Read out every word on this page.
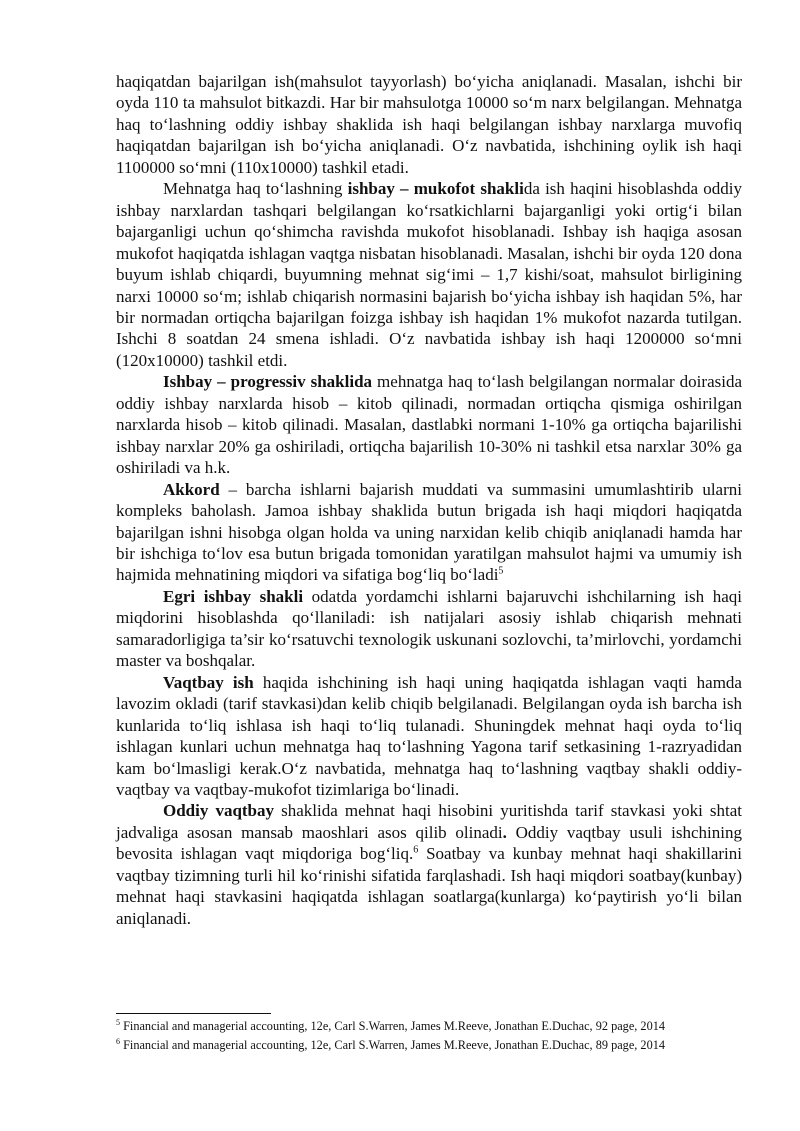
haqiqatdan bajarilgan ish(mahsulot tayyorlash) bo‘yicha aniqlanadi. Masalan, ishchi bir oyda 110 ta mahsulot bitkazdi. Har bir mahsulotga 10000 so‘m narx belgilangan. Mehnatga haq to‘lashning oddiy ishbay shaklida ish haqi belgilangan ishbay narxlarga muvofiq haqiqatdan bajarilgan ish bo‘yicha aniqlanadi. O‘z navbatida, ishchining oylik ish haqi 1100000 so‘mni (110x10000) tashkil etadi.

Mehnatga haq to‘lashning ishbay – mukofot shaklida ish haqini hisoblashda oddiy ishbay narxlardan tashqari belgilangan ko‘rsatkichlarni bajarganligi yoki ortig‘i bilan bajarganligi uchun qo‘shimcha ravishda mukofot hisoblanadi. Ishbay ish haqiga asosan mukofot haqiqatda ishlagan vaqtga nisbatan hisoblanadi. Masalan, ishchi bir oyda 120 dona buyum ishlab chiqardi, buyumning mehnat sig‘imi – 1,7 kishi/soat, mahsulot birligining narxi 10000 so‘m; ishlab chiqarish normasini bajarish bo‘yicha ishbay ish haqidan 5%, har bir normadan ortiqcha bajarilgan foizga ishbay ish haqidan 1% mukofot nazarda tutilgan. Ishchi 8 soatdan 24 smena ishladi. O‘z navbatida ishbay ish haqi 1200000 so‘mni (120x10000) tashkil etdi.

Ishbay – progressiv shaklida mehnatga haq to‘lash belgilangan normalar doirasida oddiy ishbay narxlarda hisob – kitob qilinadi, normadan ortiqcha qismiga oshirilgan narxlarda hisob – kitob qilinadi. Masalan, dastlabki normani 1-10% ga ortiqcha bajarilishi ishbay narxlar 20% ga oshiriladi, ortiqcha bajarilish 10-30% ni tashkil etsa narxlar 30% ga oshiriladi va h.k.

Akkord – barcha ishlarni bajarish muddati va summasini umumlashtirib ularni kompleks baholash. Jamoa ishbay shaklida butun brigada ish haqi miqdori haqiqatda bajarilgan ishni hisobga olgan holda va uning narxidan kelib chiqib aniqlanadi hamda har bir ishchiga to‘lov esa butun brigada tomonidan yaratilgan mahsulot hajmi va umumiy ish hajmida mehnatining miqdori va sifatiga bog‘liq bo‘ladi$^5$

Egri ishbay shakli odatda yordamchi ishlarni bajaruvchi ishchilarning ish haqi miqdorini hisoblashda qo‘llaniladi: ish natijalari asosiy ishlab chiqarish mehnati samaradorligiga ta’sir ko‘rsatuvchi texnologik uskunani sozlovchi, ta’mirlovchi, yordamchi master va boshqalar.

Vaqtbay ish haqida ishchining ish haqi uning haqiqatda ishlagan vaqti hamda lavozim okladi (tarif stavkasi)dan kelib chiqib belgilanadi. Belgilangan oyda ish barcha ish kunlarida to‘liq ishlasa ish haqi to‘liq tulanadi. Shuningdek mehnat haqi oyda to‘liq ishlagan kunlari uchun mehnatga haq to‘lashning Yagona tarif setkasining 1-razryadidan kam bo‘lmasligi kerak.O‘z navbatida, mehnatga haq to‘lashning vaqtbay shakli oddiy-vaqtbay va vaqtbay-mukofot tizimlariga bo‘linadi.

Oddiy vaqtbay shaklida mehnat haqi hisobini yuritishda tarif stavkasi yoki shtat jadvaliga asosan mansab maoshlari asos qilib olinadi. Oddiy vaqtbay usuli ishchining bevosita ishlagan vaqt miqdoriga bog‘liq.$^6$ Soatbay va kunbay mehnat haqi shakillarini vaqtbay tizimning turli hil ko‘rinishi sifatida farqlashadi. Ish haqi miqdori soatbay(kunbay) mehnat haqi stavkasini haqiqatda ishlagan soatlarga(kunlarga) ko‘paytirish yo‘li bilan aniqlanadi.

$^5$ Financial and managerial accounting, 12e, Carl S.Warren, James M.Reeve, Jonathan E.Duchac, 92 page, 2014
$^6$ Financial and managerial accounting, 12e, Carl S.Warren, James M.Reeve, Jonathan E.Duchac, 89 page, 2014
